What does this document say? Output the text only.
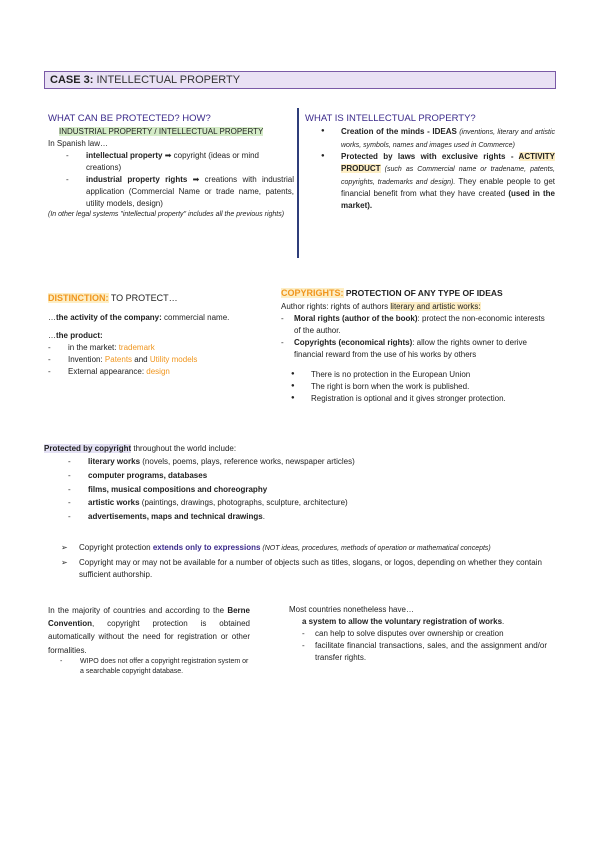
CASE 3: INTELLECTUAL PROPERTY
WHAT CAN BE PROTECTED? HOW?
INDUSTRIAL PROPERTY / INTELLECTUAL PROPERTY
In Spanish law…
- intellectual property ➡ copyright (ideas or mind creations)
- industrial property rights ➡ creations with industrial application (Commercial Name or trade name, patents, utility models, design)
(In other legal systems "intellectual property" includes all the previous rights)
WHAT IS INTELLECTUAL PROPERTY?
● Creation of the minds - IDEAS (inventions, literary and artistic works, symbols, names and images used in Commerce)
● Protected by laws with exclusive rights - ACTIVITY PRODUCT (such as Commercial name or tradename, patents, copyrights, trademarks and design). They enable people to get financial benefit from what they have created (used in the market).
DISTINCTION: TO PROTECT…
…the activity of the company: commercial name.
…the product:
- in the market: trademark
- Invention: Patents and Utility models
- External appearance: design
COPYRIGHTS: PROTECTION OF ANY TYPE OF IDEAS
Author rights: rights of authors literary and artistic works:
- Moral rights (author of the book): protect the non-economic interests of the author.
- Copyrights (economical rights): allow the rights owner to derive financial reward from the use of his works by others
● There is no protection in the European Union
● The right is born when the work is published.
● Registration is optional and it gives stronger protection.
Protected by copyright throughout the world include:
- literary works (novels, poems, plays, reference works, newspaper articles)
- computer programs, databases
- films, musical compositions and choreography
- artistic works (paintings, drawings, photographs, sculpture, architecture)
- advertisements, maps and technical drawings.
➢ Copyright protection extends only to expressions (NOT ideas, procedures, methods of operation or mathematical concepts)
➢ Copyright may or may not be available for a number of objects such as titles, slogans, or logos, depending on whether they contain sufficient authorship.
In the majority of countries and according to the Berne Convention, copyright protection is obtained automatically without the need for registration or other formalities.
- WIPO does not offer a copyright registration system or a searchable copyright database.
Most countries nonetheless have…
a system to allow the voluntary registration of works.
- can help to solve disputes over ownership or creation
- facilitate financial transactions, sales, and the assignment and/or transfer rights.
